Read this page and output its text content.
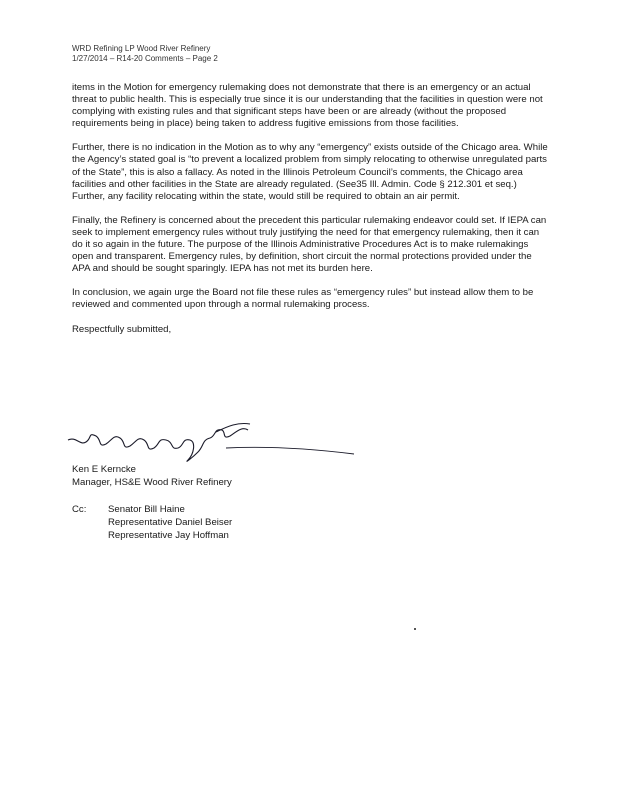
WRD Refining LP Wood River Refinery
1/27/2014 – R14-20 Comments – Page 2

items in the Motion for emergency rulemaking does not demonstrate that there is an emergency or an actual threat to public health. This is especially true since it is our understanding that the facilities in question were not complying with existing rules and that significant steps have been or are already (without the proposed requirements being in place) being taken to address fugitive emissions from those facilities.

Further, there is no indication in the Motion as to why any “emergency” exists outside of the Chicago area. While the Agency’s stated goal is “to prevent a localized problem from simply relocating to otherwise unregulated parts of the State”, this is also a fallacy. As noted in the Illinois Petroleum Council’s comments, the Chicago area facilities and other facilities in the State are already regulated. (See35 Ill. Admin. Code § 212.301 et seq.) Further, any facility relocating within the state, would still be required to obtain an air permit.

Finally, the Refinery is concerned about the precedent this particular rulemaking endeavor could set. If IEPA can seek to implement emergency rules without truly justifying the need for that emergency rulemaking, then it can do it so again in the future. The purpose of the Illinois Administrative Procedures Act is to make rulemakings open and transparent. Emergency rules, by definition, short circuit the normal protections provided under the APA and should be sought sparingly. IEPA has not met its burden here.

In conclusion, we again urge the Board not file these rules as “emergency rules” but instead allow them to be reviewed and commented upon through a normal rulemaking process.

Respectfully submitted,

Ken E Kerncke
Manager, HS&E Wood River Refinery
Cc: Senator Bill Haine
Representative Daniel Beiser
Representative Jay Hoffman
